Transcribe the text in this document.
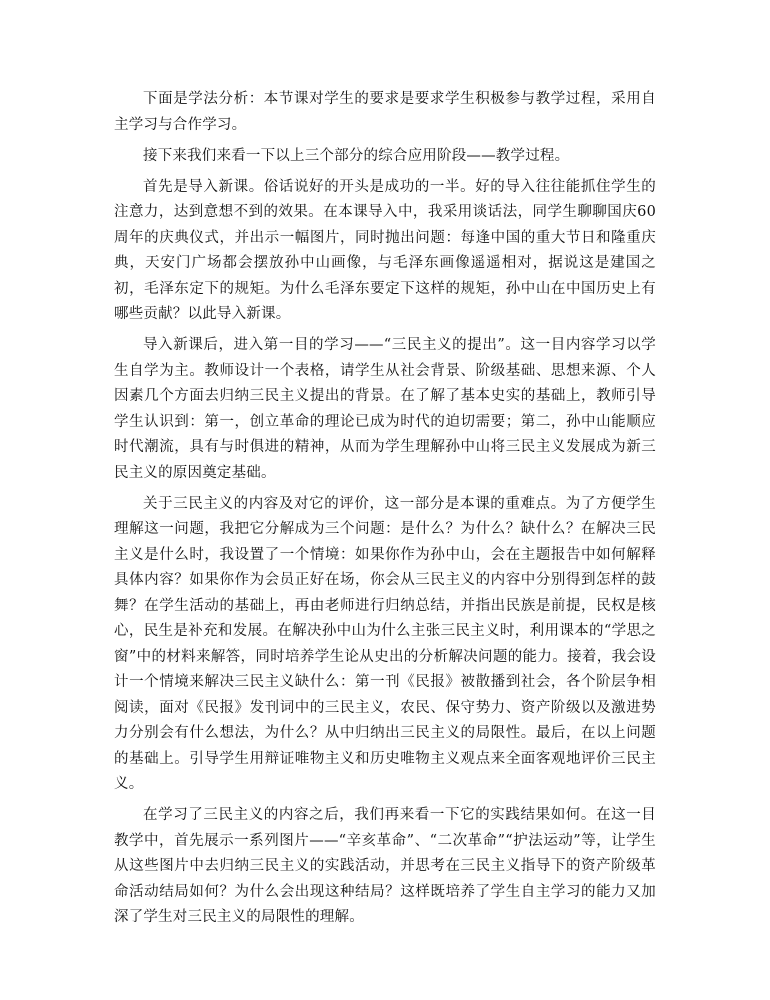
下面是学法分析：本节课对学生的要求是要求学生积极参与教学过程，采用自主学习与合作学习。

接下来我们来看一下以上三个部分的综合应用阶段——教学过程。

首先是导入新课。俗话说好的开头是成功的一半。好的导入往往能抓住学生的注意力，达到意想不到的效果。在本课导入中，我采用谈话法，同学生聊聊国庆60周年的庆典仪式，并出示一幅图片，同时抛出问题：每逢中国的重大节日和隆重庆典，天安门广场都会摆放孙中山画像，与毛泽东画像遥遥相对，据说这是建国之初，毛泽东定下的规矩。为什么毛泽东要定下这样的规矩，孙中山在中国历史上有哪些贡献？以此导入新课。

导入新课后，进入第一目的学习——“三民主义的提出”。这一目内容学习以学生自学为主。教师设计一个表格，请学生从社会背景、阶级基础、思想来源、个人因素几个方面去归纳三民主义提出的背景。在了解了基本史实的基础上，教师引导学生认识到：第一，创立革命的理论已成为时代的迫切需要；第二，孙中山能顺应时代潮流，具有与时俱进的精神，从而为学生理解孙中山将三民主义发展成为新三民主义的原因奠定基础。

关于三民主义的内容及对它的评价，这一部分是本课的重难点。为了方便学生理解这一问题，我把它分解成为三个问题：是什么？为什么？缺什么？在解决三民主义是什么时，我设置了一个情境：如果你作为孙中山，会在主题报告中如何解释具体内容？如果你作为会员正好在场，你会从三民主义的内容中分别得到怎样的鼓舞？在学生活动的基础上，再由老师进行归纳总结，并指出民族是前提，民权是核心，民生是补充和发展。在解决孙中山为什么主张三民主义时，利用课本的“学思之窗”中的材料来解答，同时培养学生论从史出的分析解决问题的能力。接着，我会设计一个情境来解决三民主义缺什么：第一刊《民报》被散播到社会，各个阶层争相阅读，面对《民报》发刊词中的三民主义，农民、保守势力、资产阶级以及激进势力分别会有什么想法，为什么？从中归纳出三民主义的局限性。最后，在以上问题的基础上。引导学生用辩证唯物主义和历史唯物主义观点来全面客观地评价三民主义。

在学习了三民主义的内容之后，我们再来看一下它的实践结果如何。在这一目教学中，首先展示一系列图片——“辛亥革命”、“二次革命”“护法运动”等，让学生从这些图片中去归纳三民主义的实践活动，并思考在三民主义指导下的资产阶级革命活动结局如何？为什么会出现这种结局？这样既培养了学生自主学习的能力又加深了学生对三民主义的局限性的理解。
